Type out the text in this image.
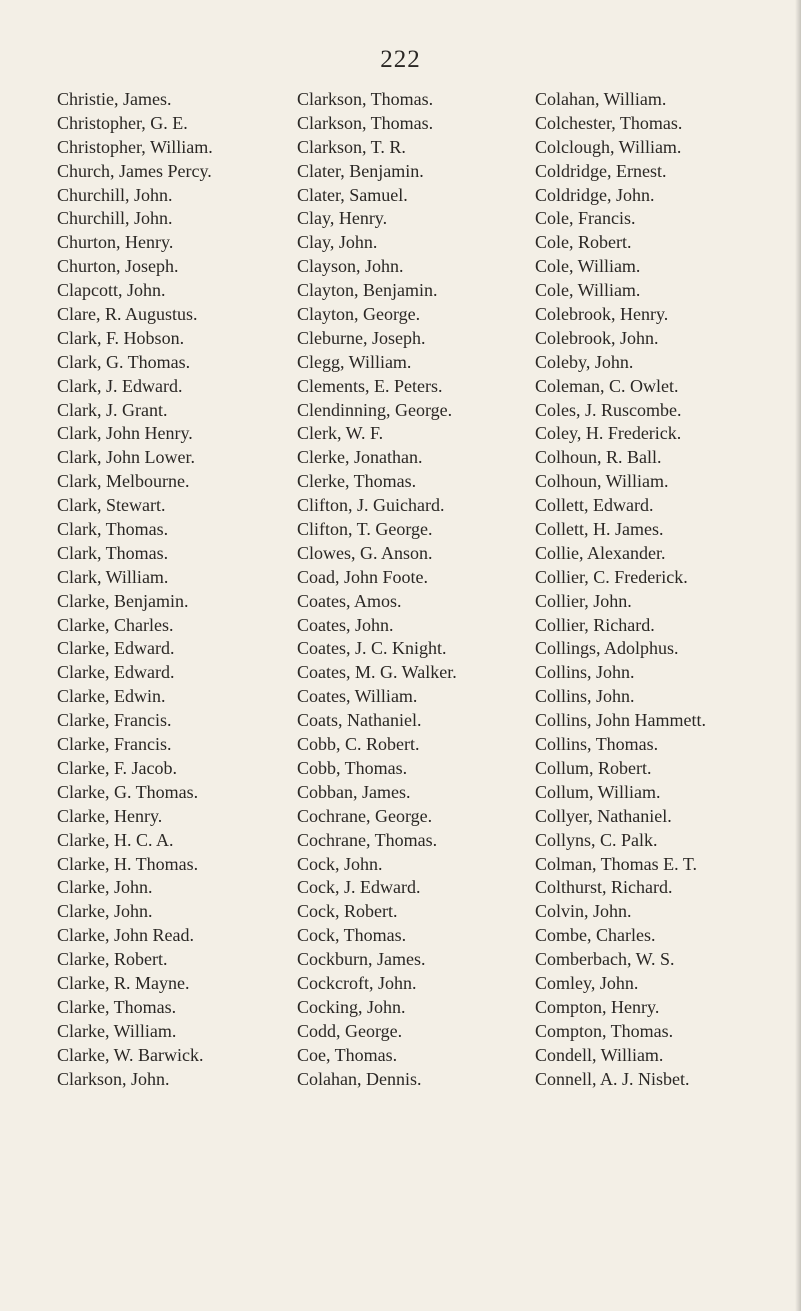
222
Christie, James.
Christopher, G. E.
Christopher, William.
Church, James Percy.
Churchill, John.
Churchill, John.
Churton, Henry.
Churton, Joseph.
Clapcott, John.
Clare, R. Augustus.
Clark, F. Hobson.
Clark, G. Thomas.
Clark, J. Edward.
Clark, J. Grant.
Clark, John Henry.
Clark, John Lower.
Clark, Melbourne.
Clark, Stewart.
Clark, Thomas.
Clark, Thomas.
Clark, William.
Clarke, Benjamin.
Clarke, Charles.
Clarke, Edward.
Clarke, Edward.
Clarke, Edwin.
Clarke, Francis.
Clarke, Francis.
Clarke, F. Jacob.
Clarke, G. Thomas.
Clarke, Henry.
Clarke, H. C. A.
Clarke, H. Thomas.
Clarke, John.
Clarke, John.
Clarke, John Read.
Clarke, Robert.
Clarke, R. Mayne.
Clarke, Thomas.
Clarke, William.
Clarke, W. Barwick.
Clarkson, John.
Clarkson, Thomas.
Clarkson, Thomas.
Clarkson, T. R.
Clater, Benjamin.
Clater, Samuel.
Clay, Henry.
Clay, John.
Clayson, John.
Clayton, Benjamin.
Clayton, George.
Cleburne, Joseph.
Clegg, William.
Clements, E. Peters.
Clendinning, George.
Clerk, W. F.
Clerke, Jonathan.
Clerke, Thomas.
Clifton, J. Guichard.
Clifton, T. George.
Clowes, G. Anson.
Coad, John Foote.
Coates, Amos.
Coates, John.
Coates, J. C. Knight.
Coates, M. G. Walker.
Coates, William.
Coats, Nathaniel.
Cobb, C. Robert.
Cobb, Thomas.
Cobban, James.
Cochrane, George.
Cochrane, Thomas.
Cock, John.
Cock, J. Edward.
Cock, Robert.
Cock, Thomas.
Cockburn, James.
Cockcroft, John.
Cocking, John.
Codd, George.
Coe, Thomas.
Colahan, Dennis.
Colahan, William.
Colchester, Thomas.
Colclough, William.
Coldridge, Ernest.
Coldridge, John.
Cole, Francis.
Cole, Robert.
Cole, William.
Cole, William.
Colebrook, Henry.
Colebrook, John.
Coleby, John.
Coleman, C. Owlet.
Coles, J. Ruscombe.
Coley, H. Frederick.
Colhoun, R. Ball.
Colhoun, William.
Collett, Edward.
Collett, H. James.
Collie, Alexander.
Collier, C. Frederick.
Collier, John.
Collier, Richard.
Collings, Adolphus.
Collins, John.
Collins, John.
Collins, John Hammett.
Collins, Thomas.
Collum, Robert.
Collum, William.
Collyer, Nathaniel.
Collyns, C. Palk.
Colman, Thomas E. T.
Colthurst, Richard.
Colvin, John.
Combe, Charles.
Comberbach, W. S.
Comley, John.
Compton, Henry.
Compton, Thomas.
Condell, William.
Connell, A. J. Nisbet.
